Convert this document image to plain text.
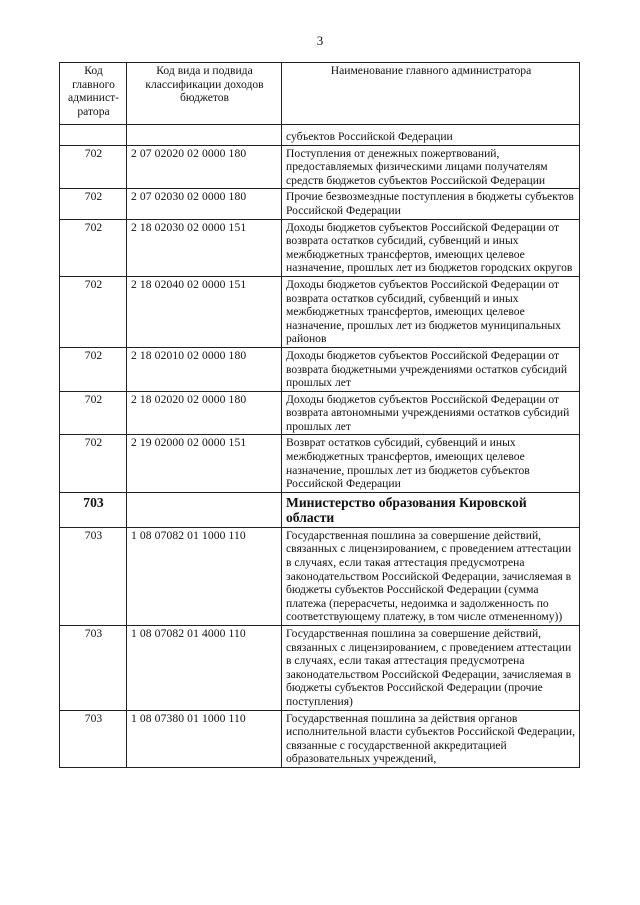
3
Код главного админист-ратора	Код вида и подвида классификации доходов бюджетов	Наименование главного администратора

		субъектов Российской Федерации
702	2 07 02020 02 0000 180	Поступления от денежных пожертвований, предоставляемых физическими лицами получателям средств бюджетов субъектов Российской Федерации
702	2 07 02030 02 0000 180	Прочие безвозмездные поступления в бюджеты субъектов Российской Федерации
702	2 18 02030 02 0000 151	Доходы бюджетов субъектов Российской Федерации от возврата остатков субсидий, субвенций и иных межбюджетных трансфертов, имеющих целевое назначение, прошлых лет из бюджетов городских округов
702	2 18 02040 02 0000 151	Доходы бюджетов субъектов Российской Федерации от возврата остатков субсидий, субвенций и иных межбюджетных трансфертов, имеющих целевое назначение, прошлых лет из бюджетов муниципальных районов
702	2 18 02010 02 0000 180	Доходы бюджетов субъектов Российской Федерации от возврата бюджетными учреждениями остатков субсидий прошлых лет
702	2 18 02020 02 0000 180	Доходы бюджетов субъектов Российской Федерации от возврата автономными учреждениями остатков субсидий прошлых лет
702	2 19 02000 02 0000 151	Возврат остатков субсидий, субвенций и иных межбюджетных трансфертов, имеющих целевое назначение, прошлых лет из бюджетов субъектов Российской Федерации
703		Министерство образования Кировской области
703	1 08 07082 01 1000 110	Государственная пошлина за совершение действий, связанных с лицензированием, с проведением аттестации в случаях, если такая аттестация предусмотрена законодательством Российской Федерации, зачисляемая в бюджеты субъектов Российской Федерации (сумма платежа (перерасчеты, недоимка и задолженность по соответствующему платежу, в том числе отмененному))
703	1 08 07082 01 4000 110	Государственная пошлина за совершение действий, связанных с лицензированием, с проведением аттестации в случаях, если такая аттестация предусмотрена законодательством Российской Федерации, зачисляемая в бюджеты субъектов Российской Федерации (прочие поступления)
703	1 08 07380 01 1000 110	Государственная пошлина за действия органов исполнительной власти субъектов Российской Федерации, связанные с государственной аккредитацией образовательных учреждений,
